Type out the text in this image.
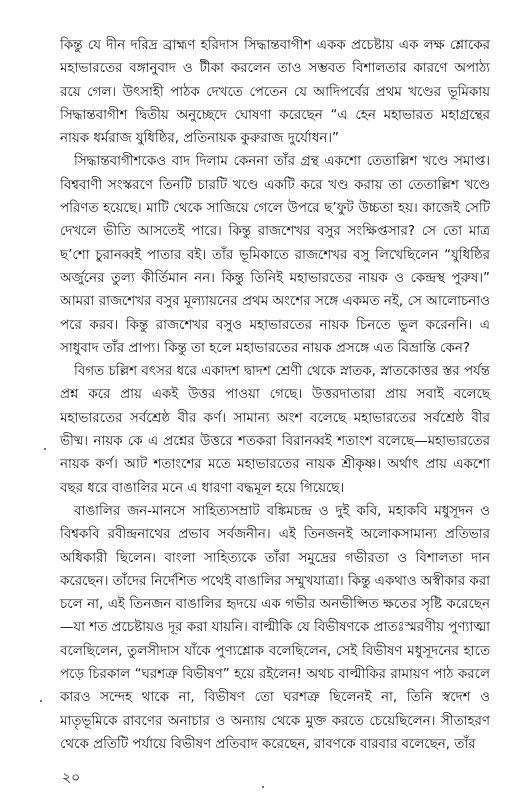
কিন্তু যে দীন দরিদ্র ব্রাহ্মণ হরিদাস সিদ্ধান্তবাগীশ একক প্রচেষ্টায় এক লক্ষ শ্লোকের মহাভারতের বঙ্গানুবাদ ও টীকা করলেন তাও সম্ভবত বিশালতার কারণে অপাঠ্য রয়ে গেল। উৎসাহী পাঠক দেখতে পেতেন যে আদিপর্বের প্রথম খণ্ডের ভূমিকায় সিদ্ধান্তবাগীশ দ্বিতীয় অনুচ্ছেদে ঘোষণা করেছেন “এ হেন মহাভারত মহাগ্রন্থের নায়ক ধর্মরাজ যুধিষ্ঠির, প্রতিনায়ক কুরুরাজ দুর্যোধন।”

সিদ্ধান্তবাগীশকেও বাদ দিলাম কেননা তাঁর গ্রন্থ একশো তেতাল্লিশ খণ্ডে সমাপ্ত। বিশ্ববাণী সংস্করণে তিনটি চারটি খণ্ডে একটি করে খণ্ড করায় তা তেতাল্লিশ খণ্ডে পরিণত হয়েছে। মাটি থেকে সাজিয়ে গেলে উপরে ছ’ফুট উচ্চতা হয়। কাজেই সেটি দেখলে ভীতি আসতেই পারে। কিন্তু রাজশেখর বসুর সংক্ষিপ্তসার? সে তো মাত্র ছ’শো চুরানব্বই পাতার বই। তাঁর ভূমিকাতে রাজশেখর বসু লিখেছিলেন “যুধিষ্ঠির অর্জুনের তুল্য কীর্তিমান নন। কিন্তু তিনিই মহাভারতের নায়ক ও কেন্দ্রস্থ পুরুষ।” আমরা রাজশেখর বসুর মূল্যায়নের প্রথম অংশের সঙ্গে একমত নই, সে আলোচনাও পরে করব। কিন্তু রাজশেখর বসুও মহাভারতের নায়ক চিনতে ভুল করেননি। এ সাধুবাদ তাঁর প্রাপ্য। কিন্তু তা হলে মহাভারতের নায়ক প্রসঙ্গে এত বিভ্রান্তি কেন?

বিগত চল্লিশ বৎসর ধরে একাদশ দ্বাদশ শ্রেণী থেকে স্নাতক, স্নাতকোত্তর স্তর পর্যন্ত প্রশ্ন করে প্রায় একই উত্তর পাওয়া গেছে। উত্তরদাতারা প্রায় সবাই বলেছে মহাভারতের সর্বশ্রেষ্ঠ বীর কর্ণ। সামান্য অংশ বলেছে মহাভারতের সর্বশ্রেষ্ঠ বীর ভীষ্ম। নায়ক কে এ প্রশ্নের উত্তরে শতকরা বিরানব্বই শতাংশ বলেছে—মহাভারতের নায়ক কর্ণ। আট শতাংশের মতে মহাভারতের নায়ক শ্রীকৃষ্ণ। অর্থাৎ প্রায় একশো বছর ধরে বাঙালির মনে এ ধারণা বদ্ধমূল হয়ে গিয়েছে।

বাঙালির জন-মানসে সাহিত্যসম্রাট বঙ্কিমচন্দ্র ও দুই কবি, মহাকবি মধুসূদন ও বিশ্বকবি রবীন্দ্রনাথের প্রভাব সর্বজনীন। এই তিনজনই অলোকসামান্য প্রতিভার অধিকারী ছিলেন। বাংলা সাহিত্যকে তাঁরা সমুদ্রের গভীরতা ও বিশালতা দান করেছেন। তাঁদের নির্দেশিত পথেই বাঙালির সম্মুখযাত্রা। কিন্তু একথাও অস্বীকার করা চলে না, এই তিনজন বাঙালির হৃদয়ে এক গভীর অনভীপ্সিত ক্ষতের সৃষ্টি করেছেন—যা শত প্রচেষ্টায়ও দূর করা যায়নি। বাল্মীকি যে বিভীষণকে প্রাতঃস্মরণীয় পুণ্যাত্মা বলেছিলেন, তুলসীদাস যাঁকে পুণ্যশ্লোক বলেছিলেন, সেই বিভীষণ মধুসূদনের হাতে পড়ে চিরকাল “ঘরশত্রু বিভীষণ” হয়ে রইলেন! অথচ বাল্মীকির রামায়ণ পাঠ করলে কারও সন্দেহ থাকে না, বিভীষণ তো ঘরশত্রু ছিলেনই না, তিনি স্বদেশ ও মাতৃভূমিকে রাবণের অনাচার ও অন্যায় থেকে মুক্ত করতে চেয়েছিলেন। সীতাহরণ থেকে প্রতিটি পর্যায়ে বিভীষণ প্রতিবাদ করেছেন, রাবণকে বারবার বলেছেন, তাঁর

২০
